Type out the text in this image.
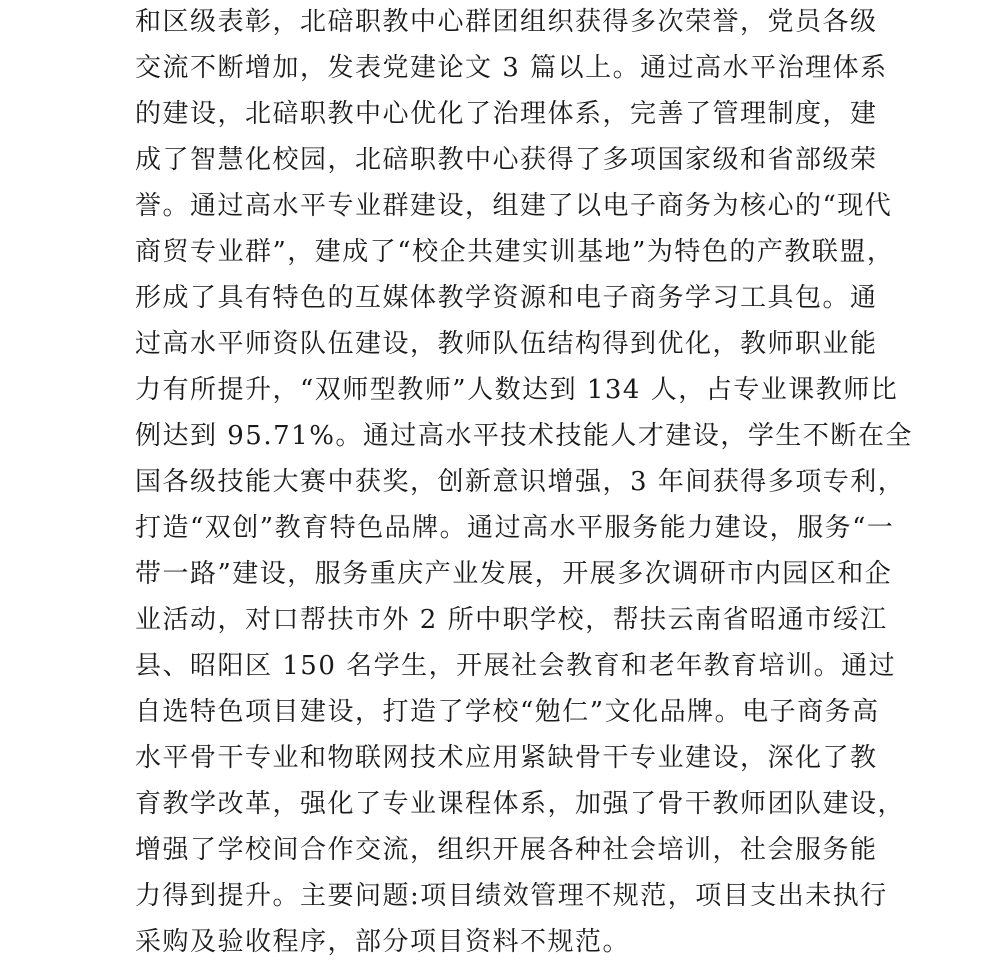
和区级表彰，北碚职教中心群团组织获得多次荣誉，党员各级
交流不断增加，发表党建论文 3 篇以上。通过高水平治理体系
的建设，北碚职教中心优化了治理体系，完善了管理制度，建
成了智慧化校园，北碚职教中心获得了多项国家级和省部级荣
誉。通过高水平专业群建设，组建了以电子商务为核心的“现代
商贸专业群”，建成了“校企共建实训基地”为特色的产教联盟，
形成了具有特色的互媒体教学资源和电子商务学习工具包。通
过高水平师资队伍建设，教师队伍结构得到优化，教师职业能
力有所提升，“双师型教师”人数达到 134 人，占专业课教师比
例达到 95.71%。通过高水平技术技能人才建设，学生不断在全
国各级技能大赛中获奖，创新意识增强，3 年间获得多项专利，
打造“双创”教育特色品牌。通过高水平服务能力建设，服务“一
带一路”建设，服务重庆产业发展，开展多次调研市内园区和企
业活动，对口帮扶市外 2 所中职学校，帮扶云南省昭通市绥江
县、昭阳区 150 名学生，开展社会教育和老年教育培训。通过
自选特色项目建设，打造了学校“勉仁”文化品牌。电子商务高
水平骨干专业和物联网技术应用紧缺骨干专业建设，深化了教
育教学改革，强化了专业课程体系，加强了骨干教师团队建设，
增强了学校间合作交流，组织开展各种社会培训，社会服务能
力得到提升。主要问题:项目绩效管理不规范，项目支出未执行
采购及验收程序，部分项目资料不规范。
